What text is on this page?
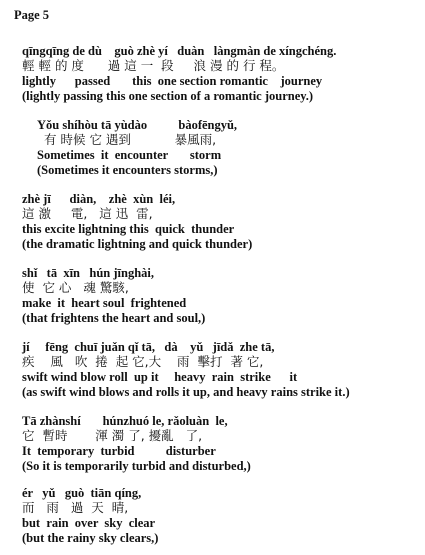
Page 5
qīngqīng de dù    guò zhè yí   duàn   làngmàn de xíngchéng.
輕 輕 的 度      過 這 一  段     浪 漫 的 行 程。
lightly      passed       this  one section romantic    journey
(lightly passing this one section of a romantic journey.)
Yǒu shíhòu tā yùdào          bàofēngyǔ,
有 時候 它 遇到           暴風雨,
Sometimes  it  encounter       storm
(Sometimes it encounters storms,)
zhè jī      diàn,    zhè  xùn  léi,
這 激     電,   這 迅  雷,
this excite lightning this  quick  thunder
(the dramatic lightning and quick thunder)
shǐ   tā  xīn   hún jīnghài,
使  它 心   魂 驚駭,
make  it  heart soul  frightened
(that frightens the heart and soul,)
jí     fēng  chuī juǎn qǐ tā,   dà    yǔ   jīdǎ  zhe tā,
疾    風   吹  捲  起 它,大    雨  擊打  著 它,
swift wind blow roll  up it     heavy  rain  strike      it
(as swift wind blows and rolls it up, and heavy rains strike it.)
Tā zhànshí       húnzhuó le, rǎoluàn  le,
它  暫時       渾 濁 了, 擾亂   了,
It  temporary  turbid          disturber
(So it is temporarily turbid and disturbed,)
ér   yǔ   guò  tiān qíng,
而   雨   過  天  晴,
but  rain  over  sky  clear
(but the rainy sky clears,)
